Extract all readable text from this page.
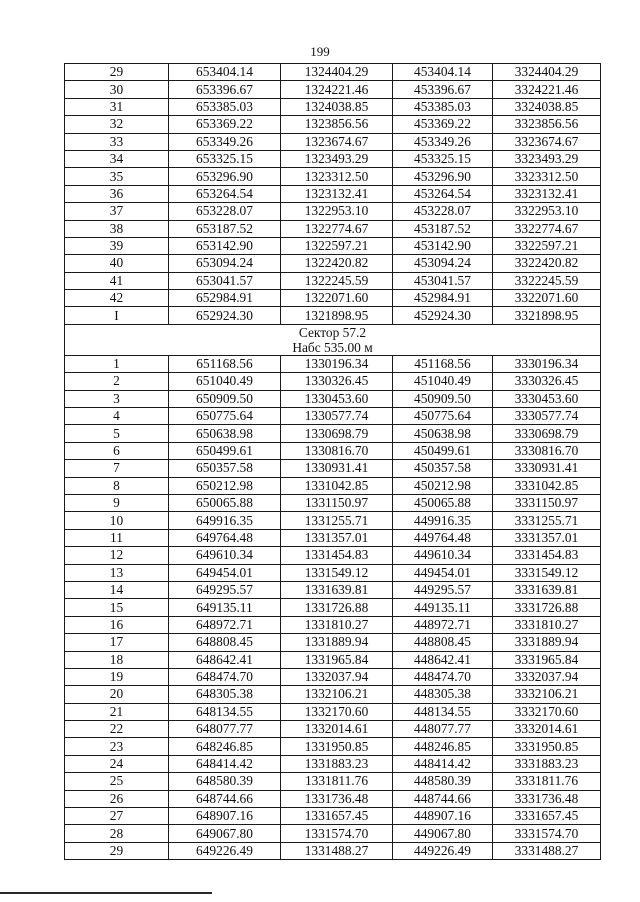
199
29	653404.14	1324404.29	453404.14	3324404.29
30	653396.67	1324221.46	453396.67	3324221.46
31	653385.03	1324038.85	453385.03	3324038.85
32	653369.22	1323856.56	453369.22	3323856.56
33	653349.26	1323674.67	453349.26	3323674.67
34	653325.15	1323493.29	453325.15	3323493.29
35	653296.90	1323312.50	453296.90	3323312.50
36	653264.54	1323132.41	453264.54	3323132.41
37	653228.07	1322953.10	453228.07	3322953.10
38	653187.52	1322774.67	453187.52	3322774.67
39	653142.90	1322597.21	453142.90	3322597.21
40	653094.24	1322420.82	453094.24	3322420.82
41	653041.57	1322245.59	453041.57	3322245.59
42	652984.91	1322071.60	452984.91	3322071.60
I	652924.30	1321898.95	452924.30	3321898.95

Сектор 57.2
Набс 535.00 м				

1	651168.56	1330196.34	451168.56	3330196.34
2	651040.49	1330326.45	451040.49	3330326.45
3	650909.50	1330453.60	450909.50	3330453.60
4	650775.64	1330577.74	450775.64	3330577.74
5	650638.98	1330698.79	450638.98	3330698.79
6	650499.61	1330816.70	450499.61	3330816.70
7	650357.58	1330931.41	450357.58	3330931.41
8	650212.98	1331042.85	450212.98	3331042.85
9	650065.88	1331150.97	450065.88	3331150.97
10	649916.35	1331255.71	449916.35	3331255.71
11	649764.48	1331357.01	449764.48	3331357.01
12	649610.34	1331454.83	449610.34	3331454.83
13	649454.01	1331549.12	449454.01	3331549.12
14	649295.57	1331639.81	449295.57	3331639.81
15	649135.11	1331726.88	449135.11	3331726.88
16	648972.71	1331810.27	448972.71	3331810.27
17	648808.45	1331889.94	448808.45	3331889.94
18	648642.41	1331965.84	448642.41	3331965.84
19	648474.70	1332037.94	448474.70	3332037.94
20	648305.38	1332106.21	448305.38	3332106.21
21	648134.55	1332170.60	448134.55	3332170.60
22	648077.77	1332014.61	448077.77	3332014.61
23	648246.85	1331950.85	448246.85	3331950.85
24	648414.42	1331883.23	448414.42	3331883.23
25	648580.39	1331811.76	448580.39	3331811.76
26	648744.66	1331736.48	448744.66	3331736.48
27	648907.16	1331657.45	448907.16	3331657.45
28	649067.80	1331574.70	449067.80	3331574.70
29	649226.49	1331488.27	449226.49	3331488.27
